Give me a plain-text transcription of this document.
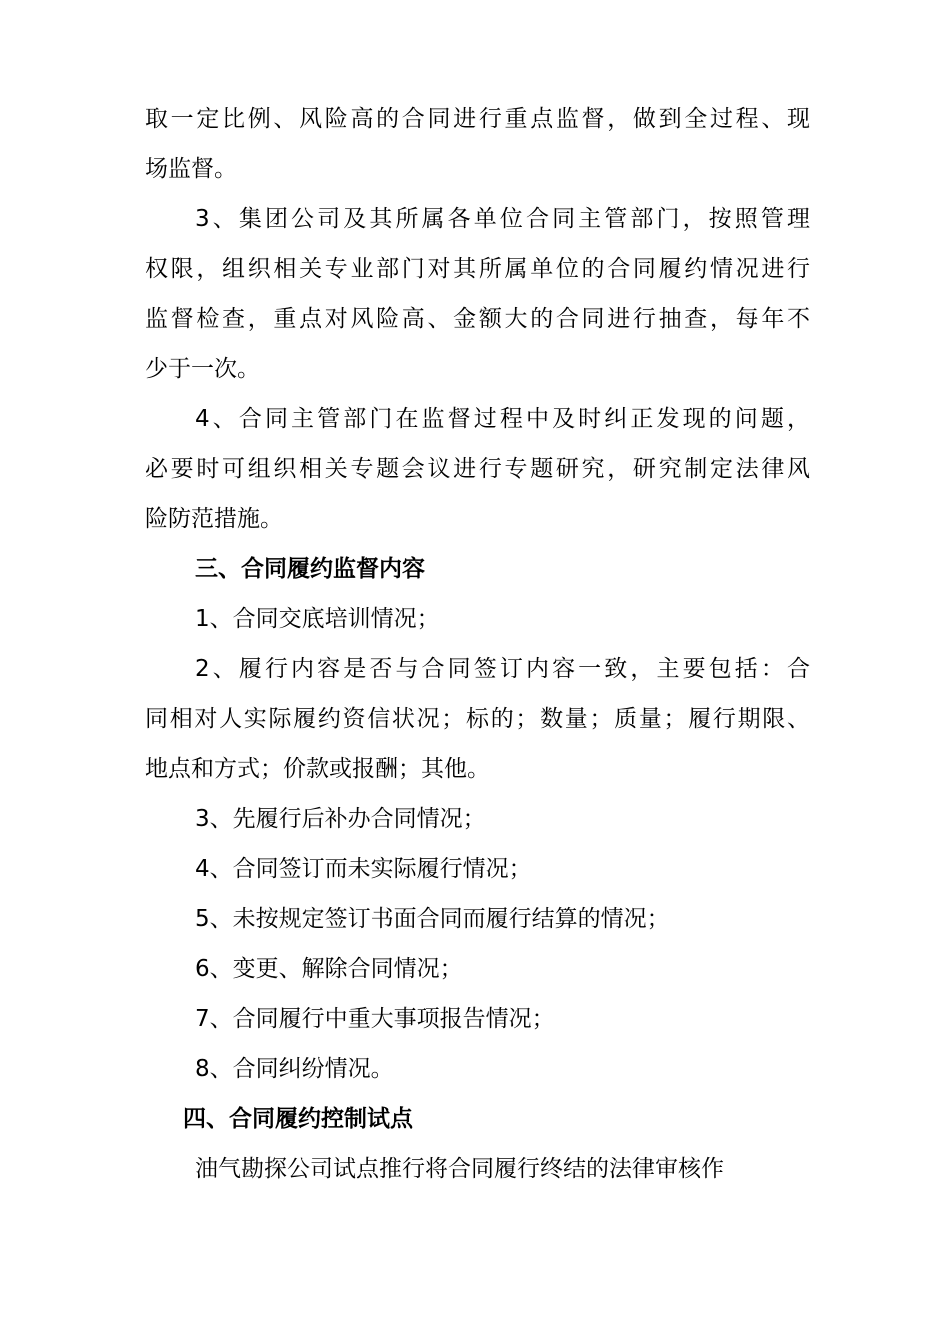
取一定比例、风险高的合同进行重点监督，做到全过程、现
场监督。
3、集团公司及其所属各单位合同主管部门，按照管理
权限，组织相关专业部门对其所属单位的合同履约情况进行
监督检查，重点对风险高、金额大的合同进行抽查，每年不
少于一次。
4、合同主管部门在监督过程中及时纠正发现的问题，
必要时可组织相关专题会议进行专题研究，研究制定法律风
险防范措施。
三、合同履约监督内容
1、合同交底培训情况；
2、履行内容是否与合同签订内容一致，主要包括：合
同相对人实际履约资信状况；标的；数量；质量；履行期限、
地点和方式；价款或报酬；其他。
3、先履行后补办合同情况；
4、合同签订而未实际履行情况；
5、未按规定签订书面合同而履行结算的情况；
6、变更、解除合同情况；
7、合同履行中重大事项报告情况；
8、合同纠纷情况。
四、合同履约控制试点
油气勘探公司试点推行将合同履行终结的法律审核作
